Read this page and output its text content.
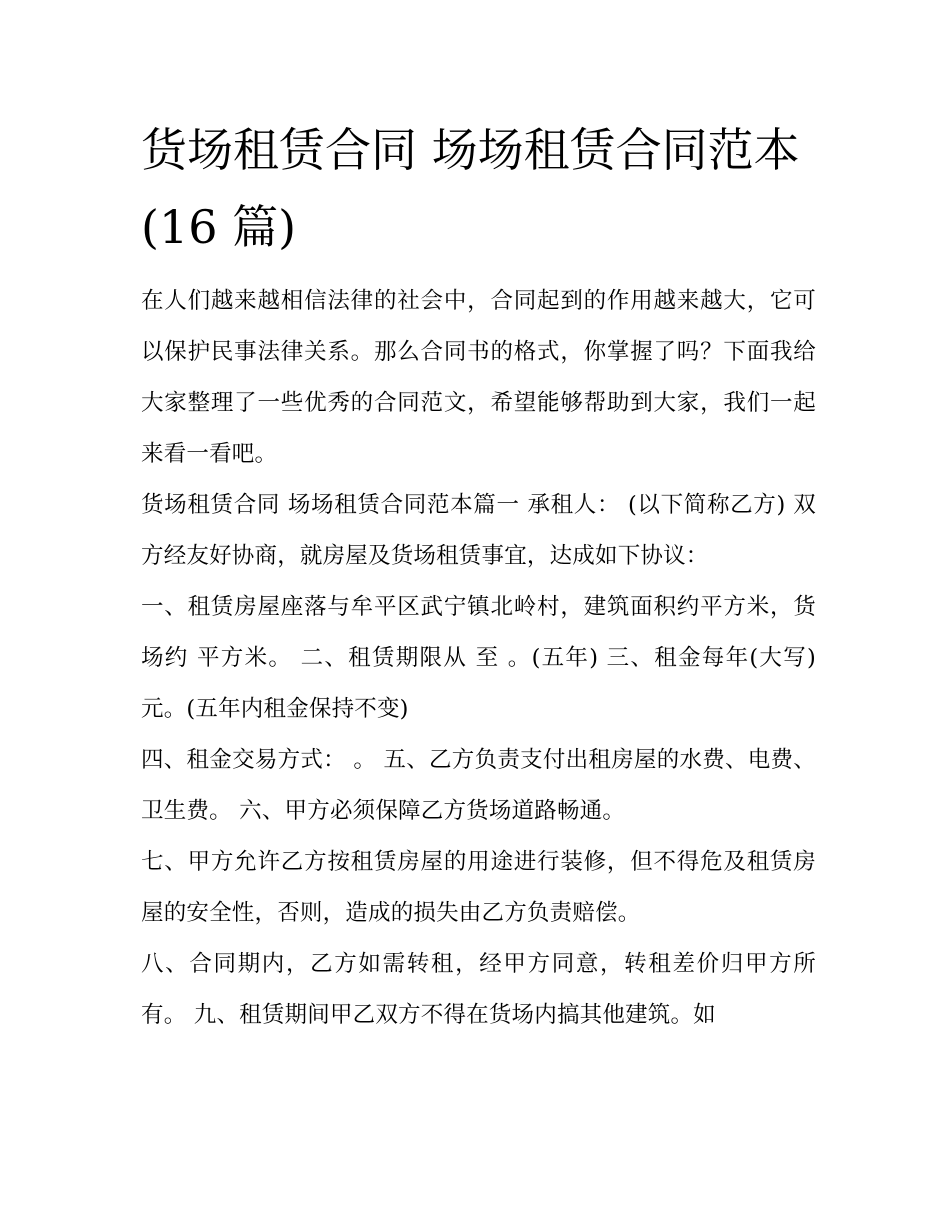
货场租赁合同 场场租赁合同范本(16 篇)

在人们越来越相信法律的社会中，合同起到的作用越来越大，它可以保护民事法律关系。那么合同书的格式，你掌握了吗？下面我给大家整理了一些优秀的合同范文，希望能够帮助到大家，我们一起来看一看吧。

货场租赁合同 场场租赁合同范本篇一 承租人： (以下简称乙方) 双方经友好协商，就房屋及货场租赁事宜，达成如下协议：

一、租赁房屋座落与牟平区武宁镇北岭村，建筑面积约平方米，货场约 平方米。 二、租赁期限从 至 。(五年) 三、租金每年(大写) 元。(五年内租金保持不变)

四、租金交易方式： 。 五、乙方负责支付出租房屋的水费、电费、卫生费。 六、甲方必须保障乙方货场道路畅通。

七、甲方允许乙方按租赁房屋的用途进行装修，但不得危及租赁房屋的安全性，否则，造成的损失由乙方负责赔偿。

八、合同期内，乙方如需转租，经甲方同意，转租差价归甲方所有。 九、租赁期间甲乙双方不得在货场内搞其他建筑。如
